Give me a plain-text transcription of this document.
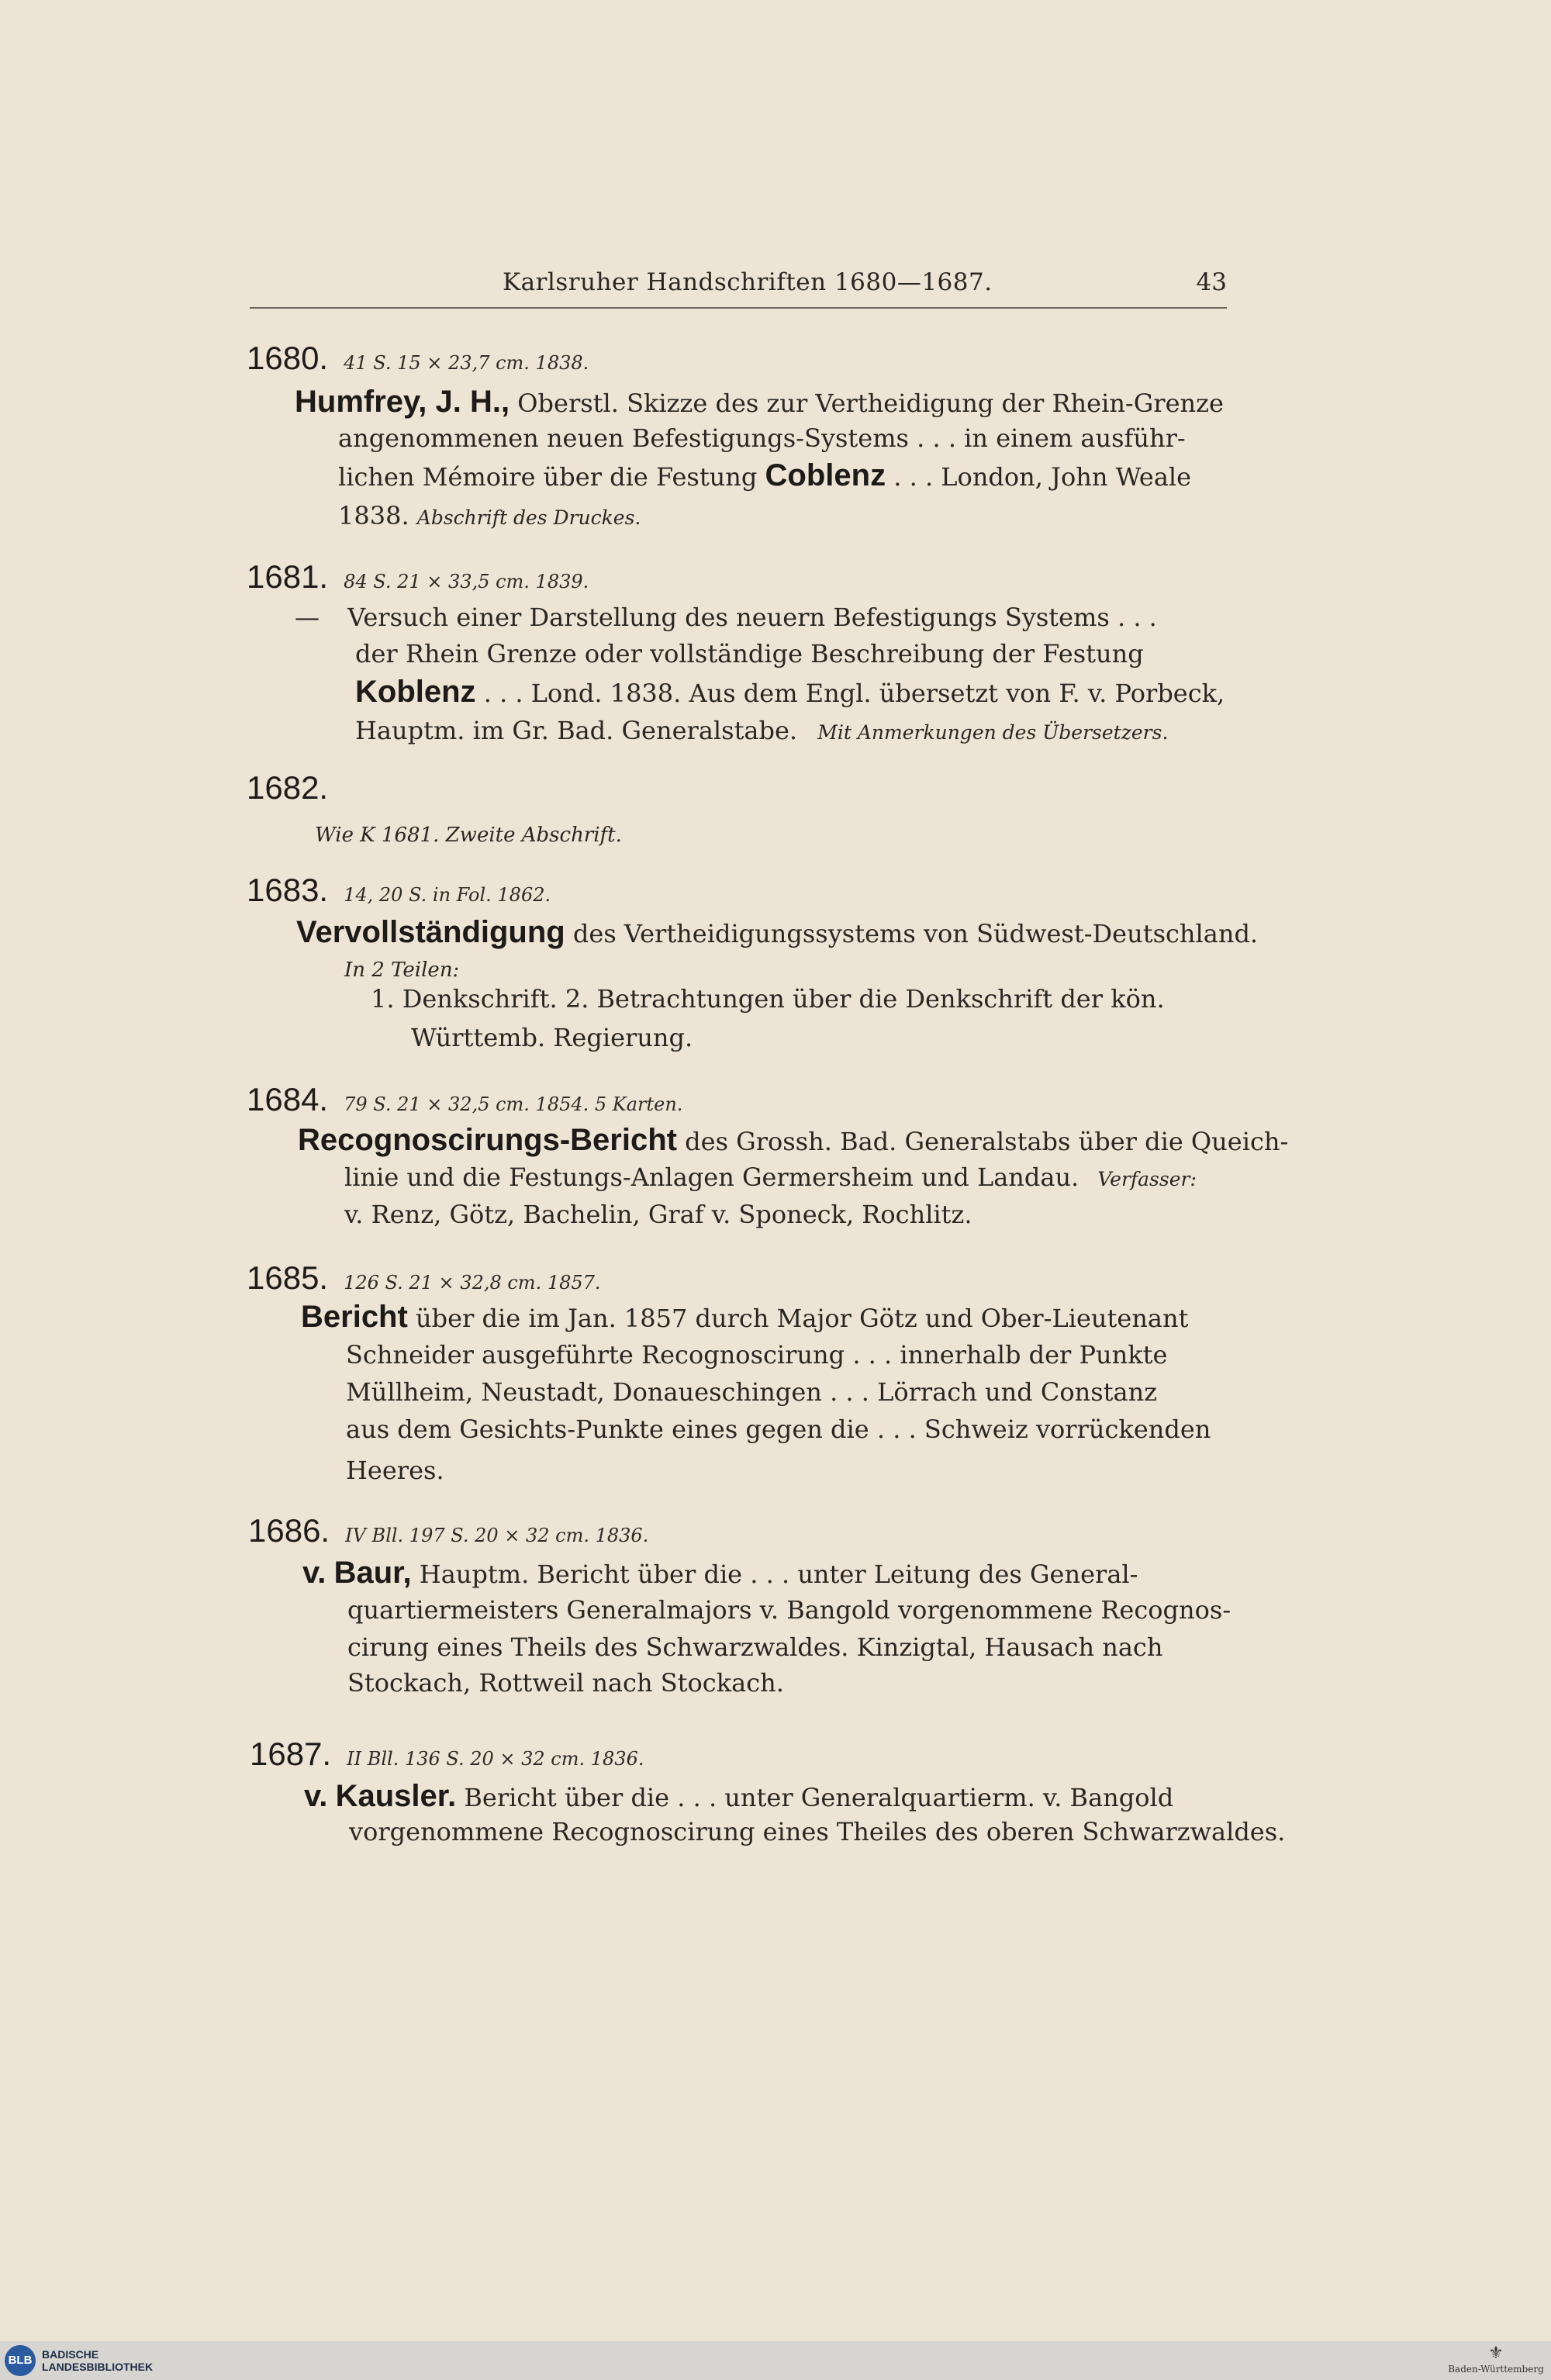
Karlsruher Handschriften 1680—1687.	43
1680. 41 S. 15 × 23,7 cm. 1838.
Humfrey, J. H., Oberstl. Skizze des zur Vertheidigung der Rhein-Grenze
angenommenen neuen Befestigungs-Systems . . . in einem ausführ-
lichen Mémoire über die Festung Coblenz . . . London, John Weale
1838. Abschrift des Druckes.
1681. 84 S. 21 × 33,5 cm. 1839.
— Versuch einer Darstellung des neuern Befestigungs Systems . . .
der Rhein Grenze oder vollständige Beschreibung der Festung
Koblenz . . . Lond. 1838. Aus dem Engl. übersetzt von F. v. Porbeck,
Hauptm. im Gr. Bad. Generalstabe. Mit Anmerkungen des Übersetzers.
1682.
Wie K 1681. Zweite Abschrift.
1683. 14, 20 S. in Fol. 1862.
Vervollständigung des Vertheidigungssystems von Südwest-Deutschland.
In 2 Teilen:
1. Denkschrift. 2. Betrachtungen über die Denkschrift der kön.
Württemb. Regierung.
1684. 79 S. 21 × 32,5 cm. 1854. 5 Karten.
Recognoscirungs-Bericht des Grossh. Bad. Generalstabs über die Queich-
linie und die Festungs-Anlagen Germersheim und Landau. Verfasser:
v. Renz, Götz, Bachelin, Graf v. Sponeck, Rochlitz.
1685. 126 S. 21 × 32,8 cm. 1857.
Bericht über die im Jan. 1857 durch Major Götz und Ober-Lieutenant
Schneider ausgeführte Recognoscirung . . . innerhalb der Punkte
Müllheim, Neustadt, Donaueschingen . . . Lörrach und Constanz
aus dem Gesichts-Punkte eines gegen die . . . Schweiz vorrückenden
Heeres.
1686. IV Bll. 197 S. 20 × 32 cm. 1836.
v. Baur, Hauptm. Bericht über die . . . unter Leitung des General-
quartiermeisters Generalmajors v. Bangold vorgenommene Recognos-
cirung eines Theils des Schwarzwaldes. Kinzigtal, Hausach nach
Stockach, Rottweil nach Stockach.
1687. II Bll. 136 S. 20 × 32 cm. 1836.
v. Kausler. Bericht über die . . . unter Generalquartierm. v. Bangold
vorgenommene Recognoscirung eines Theiles des oberen Schwarzwaldes.
BLB BADISCHE
LANDESBIBLIOTHEK
⚜
Baden-Württemberg
